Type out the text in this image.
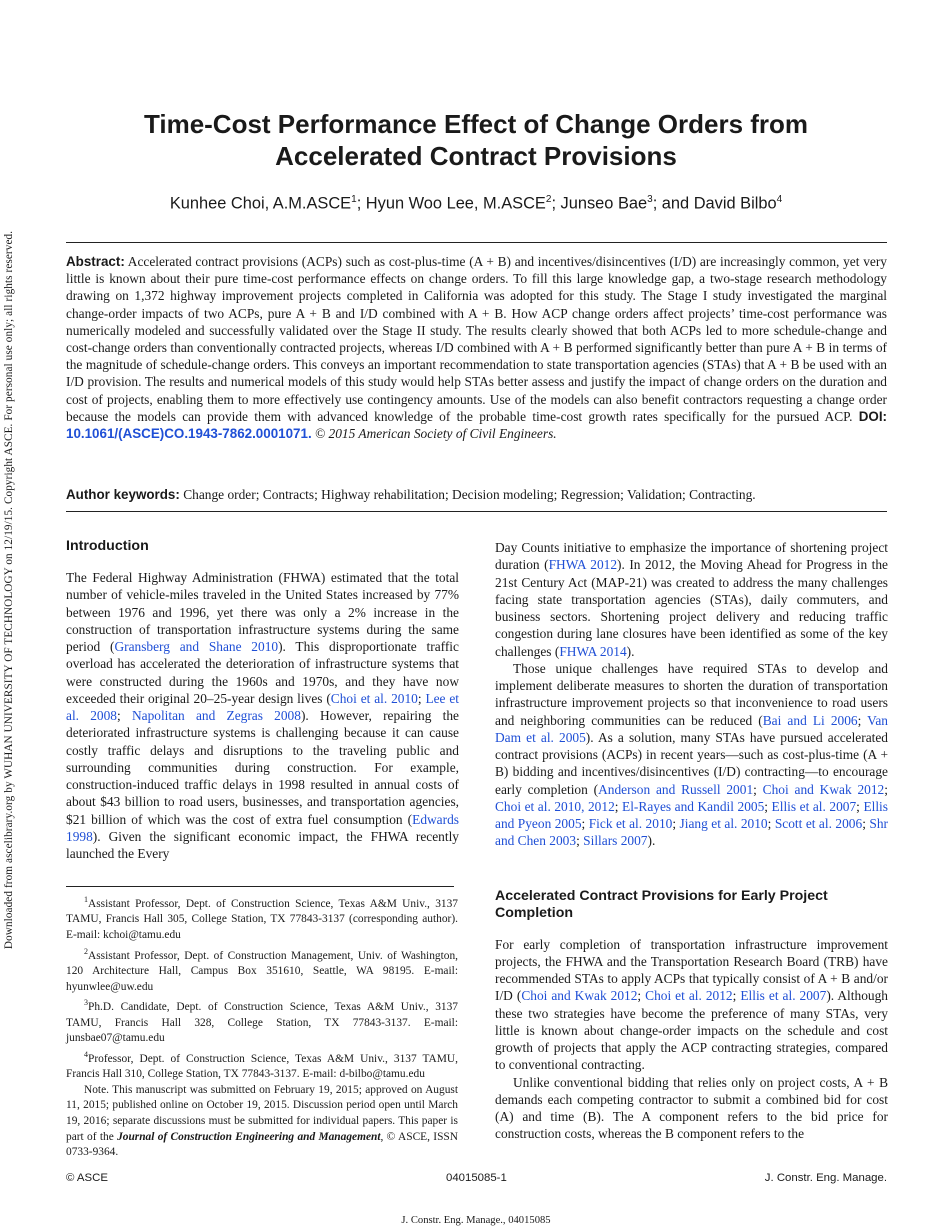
Downloaded from ascelibrary.org by WUHAN UNIVERSITY OF TECHNOLOGY on 12/19/15. Copyright ASCE. For personal use only; all rights reserved.
Time-Cost Performance Effect of Change Orders from
Accelerated Contract Provisions
Kunhee Choi, A.M.ASCE$^1$; Hyun Woo Lee, M.ASCE$^2$; Junseo Bae$^3$; and David Bilbo$^4$
Abstract: Accelerated contract provisions (ACPs) such as cost-plus-time (A + B) and incentives/disincentives (I/D) are increasingly common, yet very little is known about their pure time-cost performance effects on change orders. To fill this large knowledge gap, a two-stage research methodology drawing on 1,372 highway improvement projects completed in California was adopted for this study. The Stage I study investigated the marginal change-order impacts of two ACPs, pure A + B and I/D combined with A + B. How ACP change orders affect projects’ time-cost performance was numerically modeled and successfully validated over the Stage II study. The results clearly showed that both ACPs led to more schedule-change and cost-change orders than conventionally contracted projects, whereas I/D combined with A + B performed significantly better than pure A + B in terms of the magnitude of schedule-change orders. This conveys an important recommendation to state transportation agencies (STAs) that A + B be used with an I/D provision. The results and numerical models of this study would help STAs better assess and justify the impact of change orders on the duration and cost of projects, enabling them to more effectively use contingency amounts. Use of the models can also benefit contractors requesting a change order because the models can provide them with advanced knowledge of the probable time-cost growth rates specifically for the pursued ACP. DOI: 10.1061/(ASCE)CO.1943-7862.0001071. © 2015 American Society of Civil Engineers.
Author keywords: Change order; Contracts; Highway rehabilitation; Decision modeling; Regression; Validation; Contracting.
Introduction

The Federal Highway Administration (FHWA) estimated that the total number of vehicle-miles traveled in the United States increased by 77% between 1976 and 1996, yet there was only a 2% increase in the construction of transportation infrastructure systems during the same period (Gransberg and Shane 2010). This disproportionate traffic overload has accelerated the deterioration of infrastructure systems that were constructed during the 1960s and 1970s, and they have now exceeded their original 20–25-year design lives (Choi et al. 2010; Lee et al. 2008; Napolitan and Zegras 2008). However, repairing the deteriorated infrastructure systems is challenging because it can cause costly traffic delays and disruptions to the traveling public and surrounding communities during construction. For example, construction-induced traffic delays in 1998 resulted in annual costs of about $43 billion to road users, businesses, and transportation agencies, $21 billion of which was the cost of extra fuel consumption (Edwards 1998). Given the significant economic impact, the FHWA recently launched the Every

$^1$Assistant Professor, Dept. of Construction Science, Texas A&M Univ., 3137 TAMU, Francis Hall 305, College Station, TX 77843-3137 (corresponding author). E-mail: kchoi@tamu.edu

$^2$Assistant Professor, Dept. of Construction Management, Univ. of Washington, 120 Architecture Hall, Campus Box 351610, Seattle, WA 98195. E-mail: hyunwlee@uw.edu

$^3$Ph.D. Candidate, Dept. of Construction Science, Texas A&M Univ., 3137 TAMU, Francis Hall 328, College Station, TX 77843-3137. E-mail: junsbae07@tamu.edu

$^4$Professor, Dept. of Construction Science, Texas A&M Univ., 3137 TAMU, Francis Hall 310, College Station, TX 77843-3137. E-mail: d-bilbo@tamu.edu

Note. This manuscript was submitted on February 19, 2015; approved on August 11, 2015; published online on October 19, 2015. Discussion period open until March 19, 2016; separate discussions must be submitted for individual papers. This paper is part of the Journal of Construction Engineering and Management, © ASCE, ISSN 0733-9364.

Day Counts initiative to emphasize the importance of shortening project duration (FHWA 2012). In 2012, the Moving Ahead for Progress in the 21st Century Act (MAP-21) was created to address the many challenges facing state transportation agencies (STAs), daily commuters, and business sectors. Shortening project delivery and reducing traffic congestion during lane closures have been identified as some of the key challenges (FHWA 2014).

Those unique challenges have required STAs to develop and implement deliberate measures to shorten the duration of transportation infrastructure improvement projects so that inconvenience to road users and neighboring communities can be reduced (Bai and Li 2006; Van Dam et al. 2005). As a solution, many STAs have pursued accelerated contract provisions (ACPs) in recent years—such as cost-plus-time (A + B) bidding and incentives/disincentives (I/D) contracting—to encourage early completion (Anderson and Russell 2001; Choi and Kwak 2012; Choi et al. 2010, 2012; El-Rayes and Kandil 2005; Ellis et al. 2007; Ellis and Pyeon 2005; Fick et al. 2010; Jiang et al. 2010; Scott et al. 2006; Shr and Chen 2003; Sillars 2007).

Accelerated Contract Provisions for Early Project Completion

For early completion of transportation infrastructure improvement projects, the FHWA and the Transportation Research Board (TRB) have recommended STAs to apply ACPs that typically consist of A + B and/or I/D (Choi and Kwak 2012; Choi et al. 2012; Ellis et al. 2007). Although these two strategies have become the preference of many STAs, very little is known about change-order impacts on the schedule and cost growth of projects that apply the ACP contracting strategies, compared to conventional contracting.

Unlike conventional bidding that relies only on project costs, A + B demands each competing contractor to submit a combined bid for cost (A) and time (B). The A component refers to the bid price for construction costs, whereas the B component refers to the

© ASCE	04015085-1	J. Constr. Eng. Manage.
J. Constr. Eng. Manage., 04015085
